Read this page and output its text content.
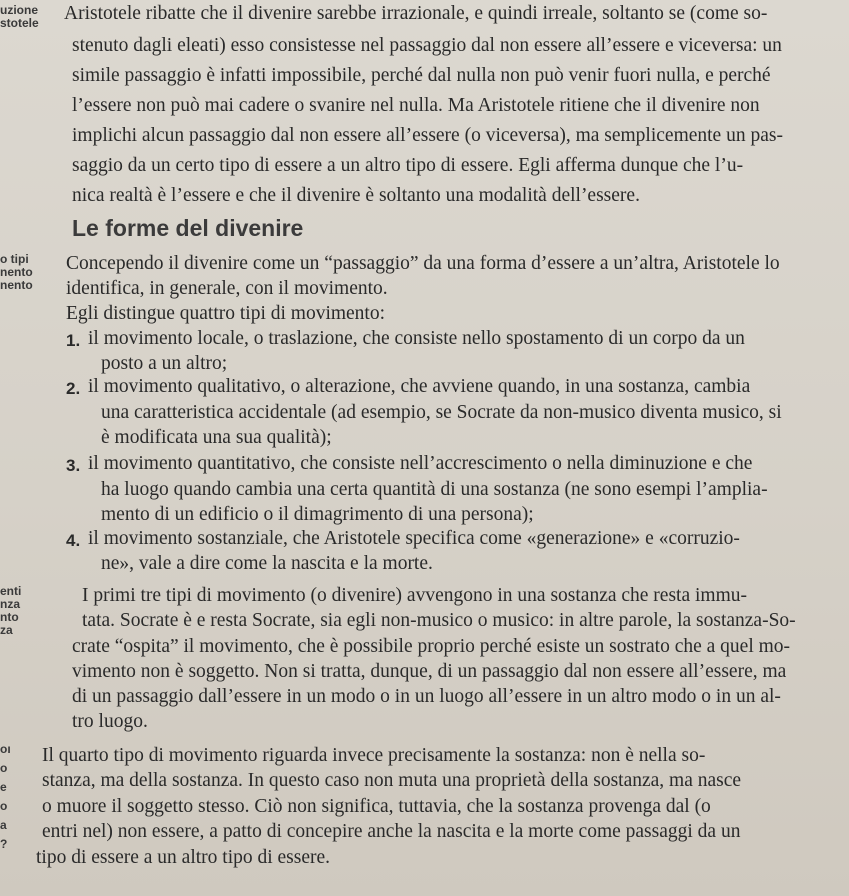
uzione
stotele
o tipi
nento
nento
enti
nza
nto
za
oı
o
e
o
a
?
Aristotele ribatte che il divenire sarebbe irrazionale, e quindi irreale, soltanto se (come so-
stenuto dagli eleati) esso consistesse nel passaggio dal non essere all’essere e viceversa: un
simile passaggio è infatti impossibile, perché dal nulla non può venir fuori nulla, e perché
l’essere non può mai cadere o svanire nel nulla. Ma Aristotele ritiene che il divenire non
implichi alcun passaggio dal non essere all’essere (o viceversa), ma semplicemente un pas-
saggio da un certo tipo di essere a un altro tipo di essere. Egli afferma dunque che l’u-
nica realtà è l’essere e che il divenire è soltanto una modalità dell’essere.
Le forme del divenire
Concependo il divenire come un “passaggio” da una forma d’essere a un’altra, Aristotele lo
identifica, in generale, con il movimento.
Egli distingue quattro tipi di movimento:
1. il movimento locale, o traslazione, che consiste nello spostamento di un corpo da un
posto a un altro;
2. il movimento qualitativo, o alterazione, che avviene quando, in una sostanza, cambia
una caratteristica accidentale (ad esempio, se Socrate da non-musico diventa musico, si
è modificata una sua qualità);
3. il movimento quantitativo, che consiste nell’accrescimento o nella diminuzione e che
ha luogo quando cambia una certa quantità di una sostanza (ne sono esempi l’amplia-
mento di un edificio o il dimagrimento di una persona);
4. il movimento sostanziale, che Aristotele specifica come «generazione» e «corruzio-
ne», vale a dire come la nascita e la morte.
I primi tre tipi di movimento (o divenire) avvengono in una sostanza che resta immu-
tata. Socrate è e resta Socrate, sia egli non-musico o musico: in altre parole, la sostanza-So-
crate “ospita” il movimento, che è possibile proprio perché esiste un sostrato che a quel mo-
vimento non è soggetto. Non si tratta, dunque, di un passaggio dal non essere all’essere, ma
di un passaggio dall’essere in un modo o in un luogo all’essere in un altro modo o in un al-
tro luogo.
Il quarto tipo di movimento riguarda invece precisamente la sostanza: non è nella so-
stanza, ma della sostanza. In questo caso non muta una proprietà della sostanza, ma nasce
o muore il soggetto stesso. Ciò non significa, tuttavia, che la sostanza provenga dal (o
entri nel) non essere, a patto di concepire anche la nascita e la morte come passaggi da un
tipo di essere a un altro tipo di essere.
